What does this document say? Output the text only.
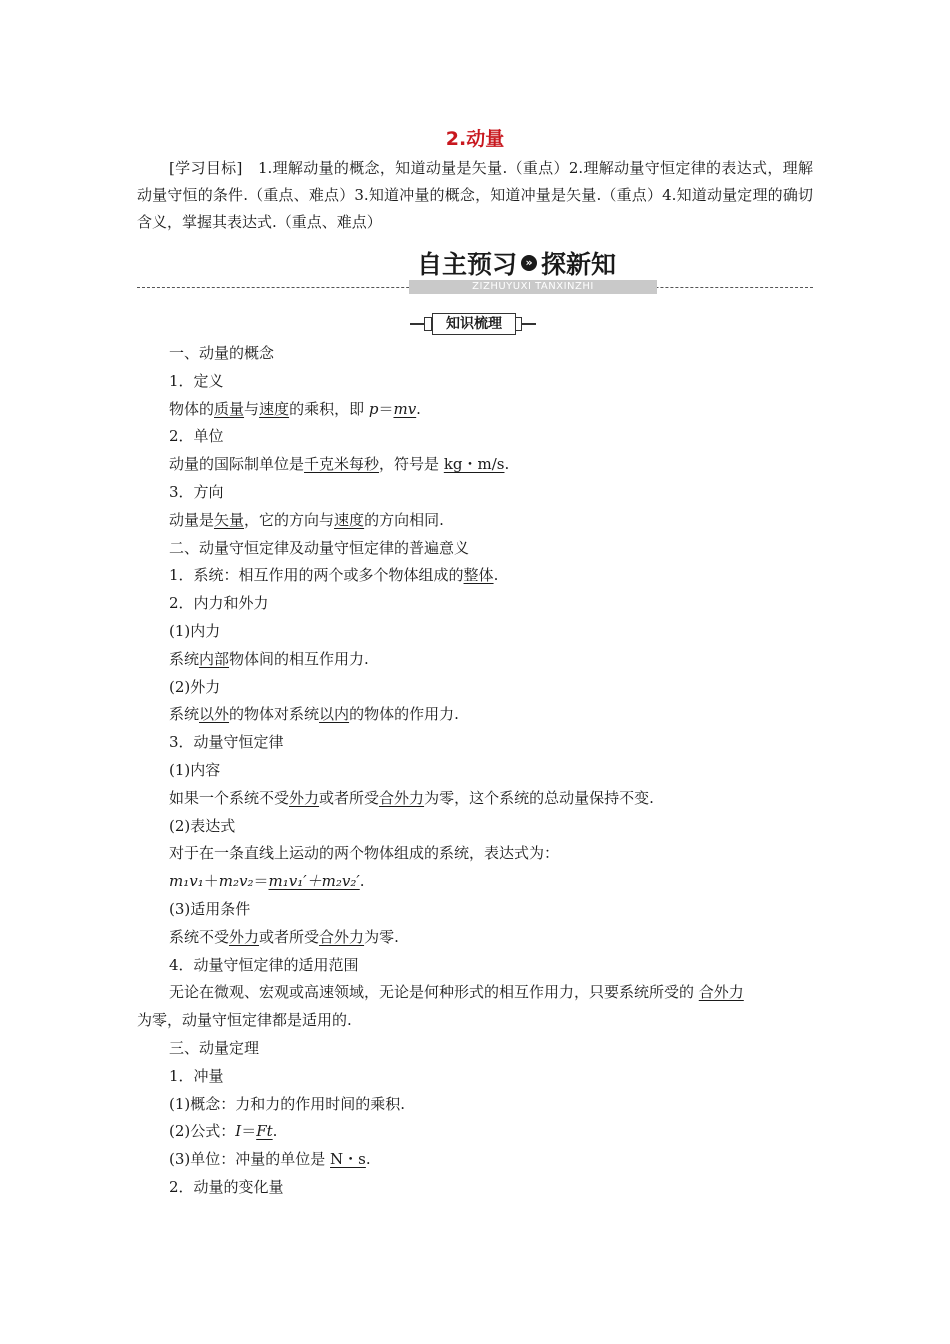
2.动量
[学习目标]　1.理解动量的概念，知道动量是矢量.（重点）2.理解动量守恒定律的表达式，理解动量守恒的条件.（重点、难点）3.知道冲量的概念，知道冲量是矢量.（重点）4.知道动量定理的确切含义，掌握其表达式.（重点、难点）
ZIZHUYUXI TANXINZHI
自主预习 » 探新知
知识梳理
一、动量的概念
1．定义
物体的质量与速度的乘积，即 p＝mv.
2．单位
动量的国际制单位是千克米每秒，符号是 kg・m/s.
3．方向
动量是矢量，它的方向与速度的方向相同.
二、动量守恒定律及动量守恒定律的普遍意义
1．系统：相互作用的两个或多个物体组成的整体.
2．内力和外力
(1)内力
系统内部物体间的相互作用力.
(2)外力
系统以外的物体对系统以内的物体的作用力.
3．动量守恒定律
(1)内容
如果一个系统不受外力或者所受合外力为零，这个系统的总动量保持不变.
(2)表达式
对于在一条直线上运动的两个物体组成的系统，表达式为：
m₁v₁＋m₂v₂＝m₁v₁′＋m₂v₂′.
(3)适用条件
系统不受外力或者所受合外力为零.
4．动量守恒定律的适用范围
无论在微观、宏观或高速领域，无论是何种形式的相互作用力，只要系统所受的 合外力
为零，动量守恒定律都是适用的.
三、动量定理
1．冲量
(1)概念：力和力的作用时间的乘积.
(2)公式：I＝Ft.
(3)单位：冲量的单位是 N・s.
2．动量的变化量
